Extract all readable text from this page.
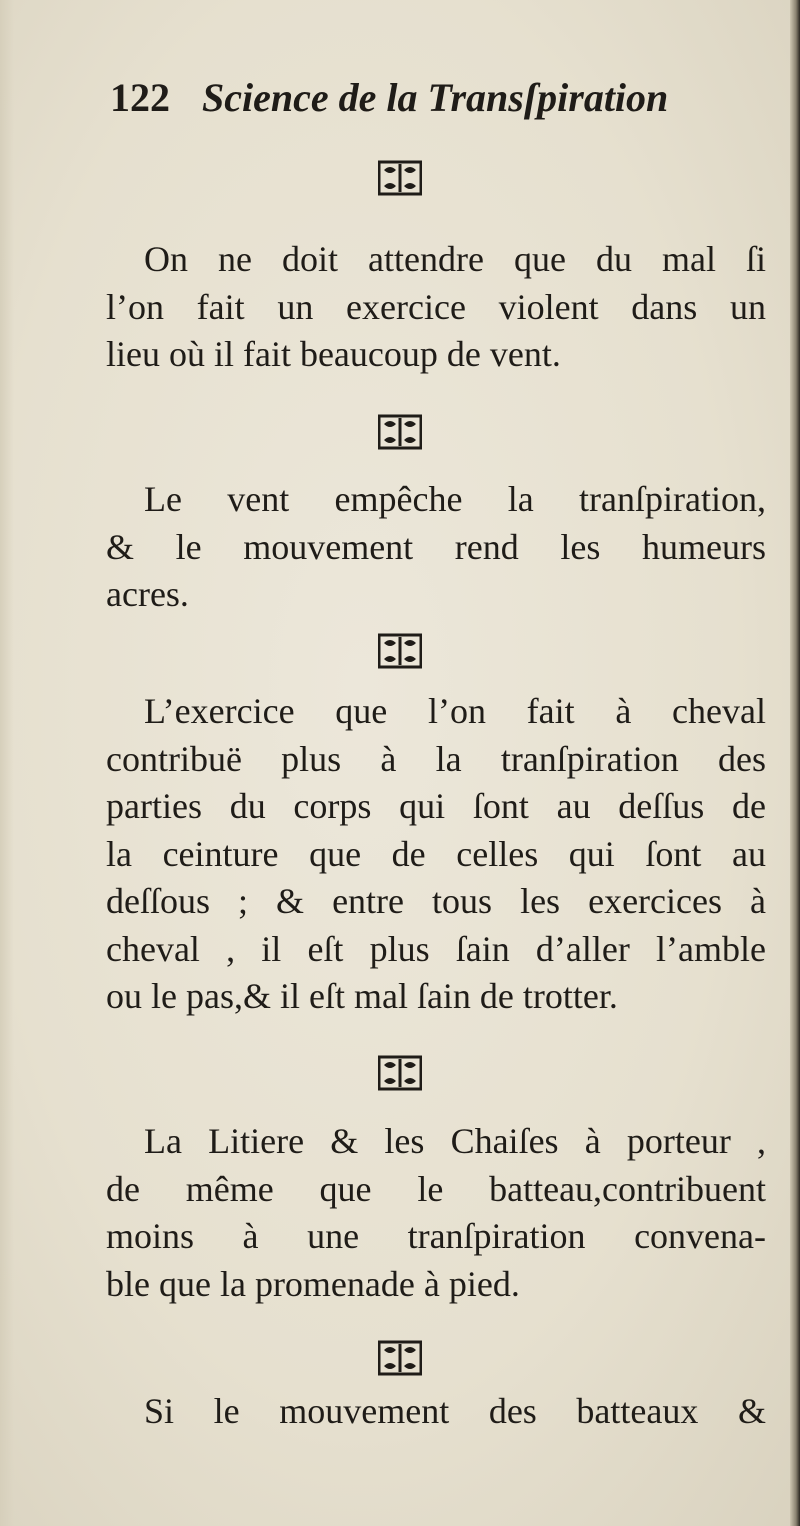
122 Science de la Transſpiration
On ne doit attendre que du mal ſi
l’on fait un exercice violent dans un
lieu où il fait beaucoup de vent.
Le vent empêche la tranſpiration,
& le mouvement rend les humeurs
acres.
L’exercice que l’on fait à cheval
contribuë plus à la tranſpiration des
parties du corps qui ſont au deſſus de
la ceinture que de celles qui ſont au
deſſous ; & entre tous les exercices à
cheval , il eſt plus ſain d’aller l’amble
ou le pas,& il eſt mal ſain de trotter.
La Litiere & les Chaiſes à porteur ,
de même que le batteau,contribuent
moins à une tranſpiration convena-
ble que la promenade à pied.
Si le mouvement des batteaux &
